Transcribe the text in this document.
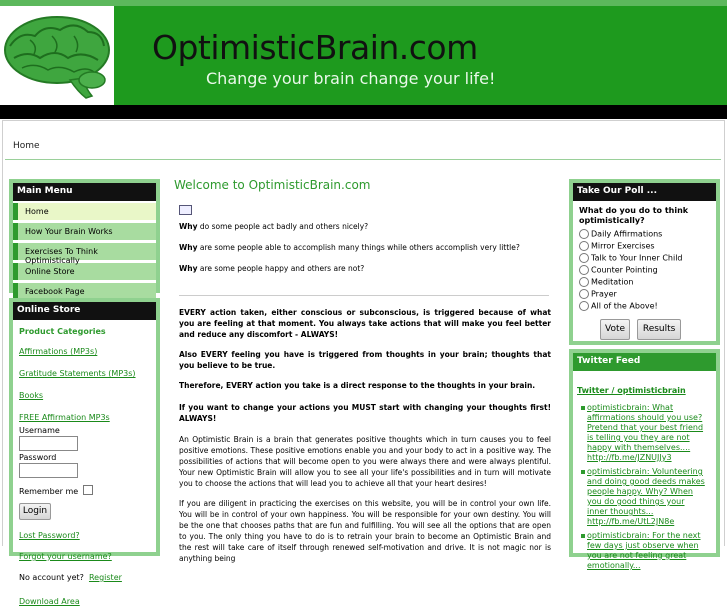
OptimisticBrain.com
Change your brain change your life!
Home
Main Menu
Home
How Your Brain Works
Exercises To Think Optimistically
Online Store
Facebook Page
Online Store
Product Categories
Affirmations (MP3s)
Gratitude Statements (MP3s)
Books
FREE Affirmation MP3s
Username
Password
Remember me
Login
Lost Password?
Forgot your username?
No account yet? Register
Download Area
Welcome to OptimisticBrain.com
Why do some people act badly and others nicely?
Why are some people able to accomplish many things while others accomplish very little?
Why are some people happy and others are not?
EVERY action taken, either conscious or subconscious, is triggered because of what you are feeling at that moment. You always take actions that will make you feel better and reduce any discomfort - ALWAYS!
Also EVERY feeling you have is triggered from thoughts in your brain; thoughts that you believe to be true.
Therefore, EVERY action you take is a direct response to the thoughts in your brain.
If you want to change your actions you MUST start with changing your thoughts first! ALWAYS!
An Optimistic Brain is a brain that generates positive thoughts which in turn causes you to feel positive emotions. These positive emotions enable you and your body to act in a positive way. The possibilities of actions that will become open to you were always there and were always plentiful. Your new Optimistic Brain will allow you to see all your life's possibilities and in turn will motivate you to choose the actions that will lead you to achieve all that your heart desires!
If you are diligent in practicing the exercises on this website, you will be in control your own life. You will be in control of your own happiness. You will be responsible for your own destiny. You will be the one that chooses paths that are fun and fulfilling. You will see all the options that are open to you. The only thing you have to do is to retrain your brain to become an Optimistic Brain and the rest will take care of itself through renewed self-motivation and drive. It is not magic nor is anything being
Take Our Poll ...
What do you do to think optimistically?
Daily Affirmations
Mirror Exercises
Talk to Your Inner Child
Counter Pointing
Meditation
Prayer
All of the Above!
Vote Results
Twitter Feed
Twitter / optimisticbrain
optimisticbrain: What affirmations should you use? Pretend that your best friend is telling you they are not happy with themselves.... http://fb.me/JZNUJJy3
optimisticbrain: Volunteering and doing good deeds makes people happy. Why? When you do good things your inner thoughts... http://fb.me/UtL2JN8e
optimisticbrain: For the next few days just observe when you are not feeling great emotionally...
